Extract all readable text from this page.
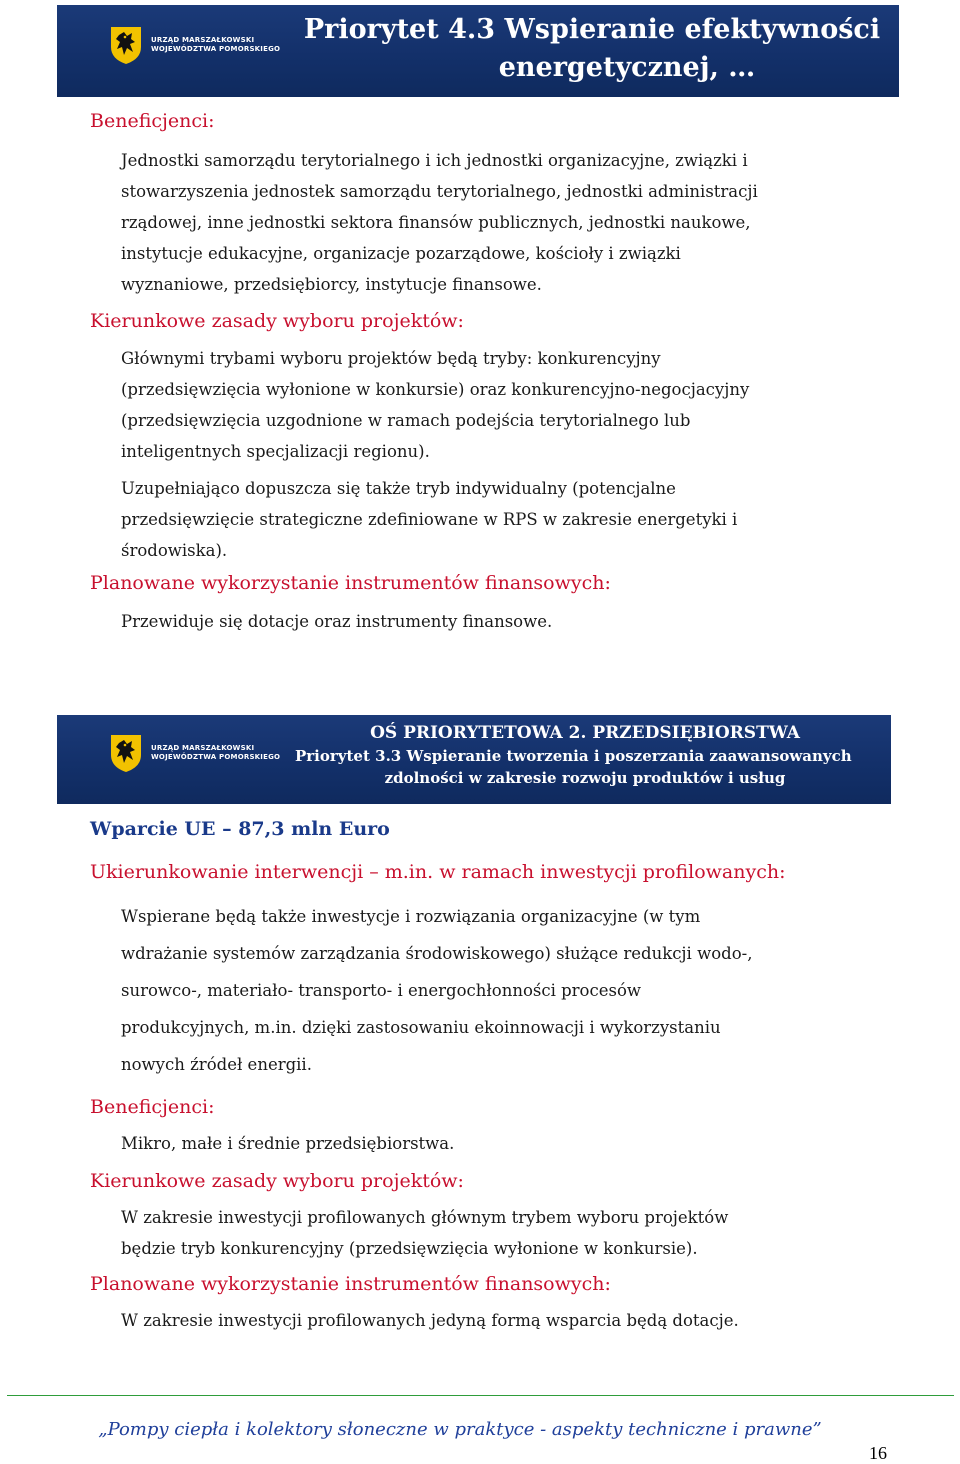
URZĄD MARSZAŁKOWSKI
WOJEWÓDZTWA POMORSKIEGO
Priorytet 4.3 Wspieranie efektywności
energetycznej, …
Beneficjenci:
Jednostki samorządu terytorialnego i ich jednostki organizacyjne, związki i
stowarzyszenia jednostek samorządu terytorialnego, jednostki administracji
rządowej, inne jednostki sektora finansów publicznych, jednostki naukowe,
instytucje edukacyjne, organizacje pozarządowe, kościoły i związki
wyznaniowe, przedsiębiorcy, instytucje finansowe.
Kierunkowe zasady wyboru projektów:
Głównymi trybami wyboru projektów będą tryby: konkurencyjny
(przedsięwzięcia wyłonione w konkursie) oraz konkurencyjno-negocjacyjny
(przedsięwzięcia uzgodnione w ramach podejścia terytorialnego lub
inteligentnych specjalizacji regionu).
Uzupełniająco dopuszcza się także tryb indywidualny (potencjalne
przedsięwzięcie strategiczne zdefiniowane w RPS w zakresie energetyki i
środowiska).
Planowane wykorzystanie instrumentów finansowych:
Przewiduje się dotacje oraz instrumenty finansowe.
URZĄD MARSZAŁKOWSKI
WOJEWÓDZTWA POMORSKIEGO
OŚ PRIORYTETOWA 2. PRZEDSIĘBIORSTWA
Priorytet 3.3 Wspieranie tworzenia i poszerzania zaawansowanych
zdolności w zakresie rozwoju produktów i usług
Wparcie UE – 87,3 mln Euro
Ukierunkowanie interwencji – m.in. w ramach inwestycji profilowanych:
Wspierane będą także inwestycje i rozwiązania organizacyjne (w tym
wdrażanie systemów zarządzania środowiskowego) służące redukcji wodo-,
surowco-, materiało- transporto- i energochłonności procesów
produkcyjnych, m.in. dzięki zastosowaniu ekoinnowacji i wykorzystaniu
nowych źródeł energii.
Beneficjenci:
Mikro, małe i średnie przedsiębiorstwa.
Kierunkowe zasady wyboru projektów:
W zakresie inwestycji profilowanych głównym trybem wyboru projektów
będzie tryb konkurencyjny (przedsięwzięcia wyłonione w konkursie).
Planowane wykorzystanie instrumentów finansowych:
W zakresie inwestycji profilowanych jedyną formą wsparcia będą dotacje.
„Pompy ciepła i kolektory słoneczne w praktyce - aspekty techniczne i prawne”
16
